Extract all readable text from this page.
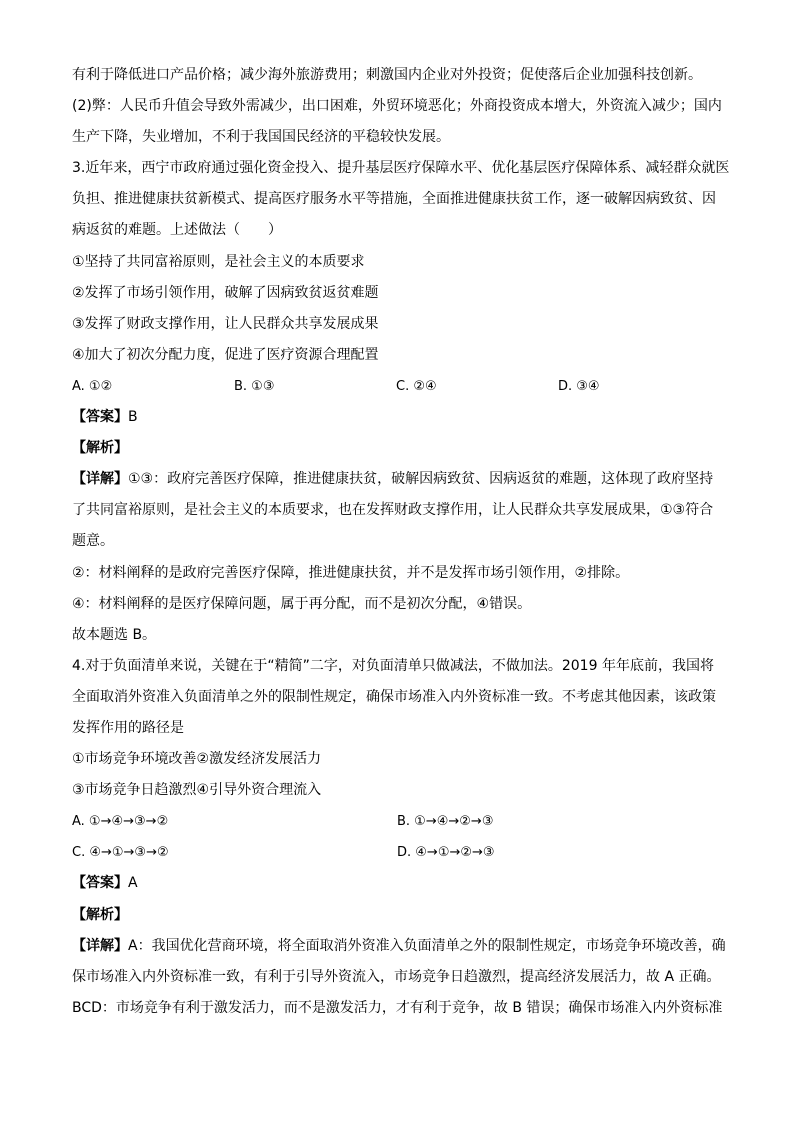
有利于降低进口产品价格；减少海外旅游费用；刺激国内企业对外投资；促使落后企业加强科技创新。
(2)弊：人民币升值会导致外需减少，出口困难，外贸环境恶化；外商投资成本增大，外资流入减少；国内
生产下降，失业增加，不利于我国国民经济的平稳较快发展。
3.近年来，西宁市政府通过强化资金投入、提升基层医疗保障水平、优化基层医疗保障体系、减轻群众就医
负担、推进健康扶贫新模式、提高医疗服务水平等措施，全面推进健康扶贫工作，逐一破解因病致贫、因
病返贫的难题。上述做法（　　）
①坚持了共同富裕原则，是社会主义的本质要求
②发挥了市场引领作用，破解了因病致贫返贫难题
③发挥了财政支撑作用，让人民群众共享发展成果
④加大了初次分配力度，促进了医疗资源合理配置
A. ①②	B. ①③	C. ②④	D. ③④
【答案】B
【解析】
【详解】①③：政府完善医疗保障，推进健康扶贫，破解因病致贫、因病返贫的难题，这体现了政府坚持
了共同富裕原则，是社会主义的本质要求，也在发挥财政支撑作用，让人民群众共享发展成果，①③符合
题意。
②：材料阐释的是政府完善医疗保障，推进健康扶贫，并不是发挥市场引领作用，②排除。
④：材料阐释的是医疗保障问题，属于再分配，而不是初次分配，④错误。
故本题选 B。
4.对于负面清单来说，关键在于“精简”二字，对负面清单只做减法，不做加法。2019 年年底前，我国将
全面取消外资准入负面清单之外的限制性规定，确保市场准入内外资标准一致。不考虑其他因素，该政策
发挥作用的路径是
①市场竞争环境改善②激发经济发展活力
③市场竞争日趋激烈④引导外资合理流入
A. ①→④→③→②	B. ①→④→②→③
C. ④→①→③→②	D. ④→①→②→③
【答案】A
【解析】
【详解】A：我国优化营商环境，将全面取消外资准入负面清单之外的限制性规定，市场竞争环境改善，确
保市场准入内外资标准一致，有利于引导外资流入，市场竞争日趋激烈，提高经济发展活力，故 A 正确。
BCD：市场竞争有利于激发活力，而不是激发活力，才有利于竞争，故 B 错误；确保市场准入内外资标准
